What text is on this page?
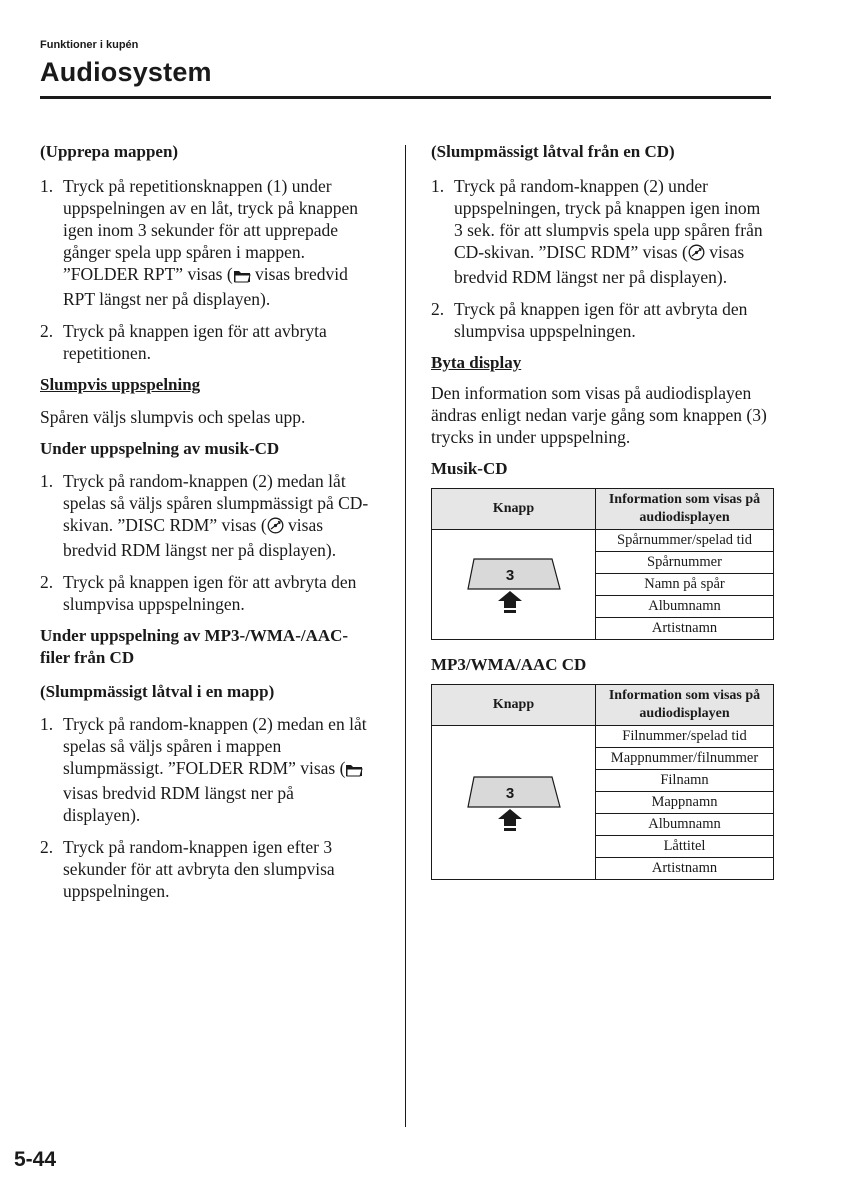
Funktioner i kupén
Audiosystem

(Upprepa mappen)

1. Tryck på repetitionsknappen (1) under uppspelningen av en låt, tryck på knappen igen inom 3 sekunder för att upprepade gånger spela upp spåren i mappen. ”FOLDER RPT” visas ( visas bredvid RPT längst ner på displayen).

2. Tryck på knappen igen för att avbryta repetitionen.

Slumpvis uppspelning

Spåren väljs slumpvis och spelas upp.

Under uppspelning av musik-CD

1. Tryck på random-knappen (2) medan låt spelas så väljs spåren slumpmässigt på CD-skivan. ”DISC RDM” visas ( visas bredvid RDM längst ner på displayen).

2. Tryck på knappen igen för att avbryta den slumpvisa uppspelningen.

Under uppspelning av MP3-/WMA-/AAC-filer från CD

(Slumpmässigt låtval i en mapp)

1. Tryck på random-knappen (2) medan en låt spelas så väljs spåren i mappen slumpmässigt. ”FOLDER RDM” visas ( visas bredvid RDM längst ner på displayen).

2. Tryck på random-knappen igen efter 3 sekunder för att avbryta den slumpvisa uppspelningen.

(Slumpmässigt låtval från en CD)

1. Tryck på random-knappen (2) under uppspelningen, tryck på knappen igen inom 3 sek. för att slumpvis spela upp spåren från CD-skivan. ”DISC RDM” visas ( visas bredvid RDM längst ner på displayen).

2. Tryck på knappen igen för att avbryta den slumpvisa uppspelningen.

Byta display

Den information som visas på audiodisplayen ändras enligt nedan varje gång som knappen (3) trycks in under uppspelning.

Musik-CD

Knapp	Information som visas på audiodisplayen

3	Spårnummer/spelad tid
	Spårnummer
	Namn på spår
	Albumnamn
	Artistnamn

MP3/WMA/AAC CD

Knapp	Information som visas på audiodisplayen

3	Filnummer/spelad tid
	Mappnummer/filnummer
	Filnamn
	Mappnamn
	Albumnamn
	Låttitel
	Artistnamn
5-44
